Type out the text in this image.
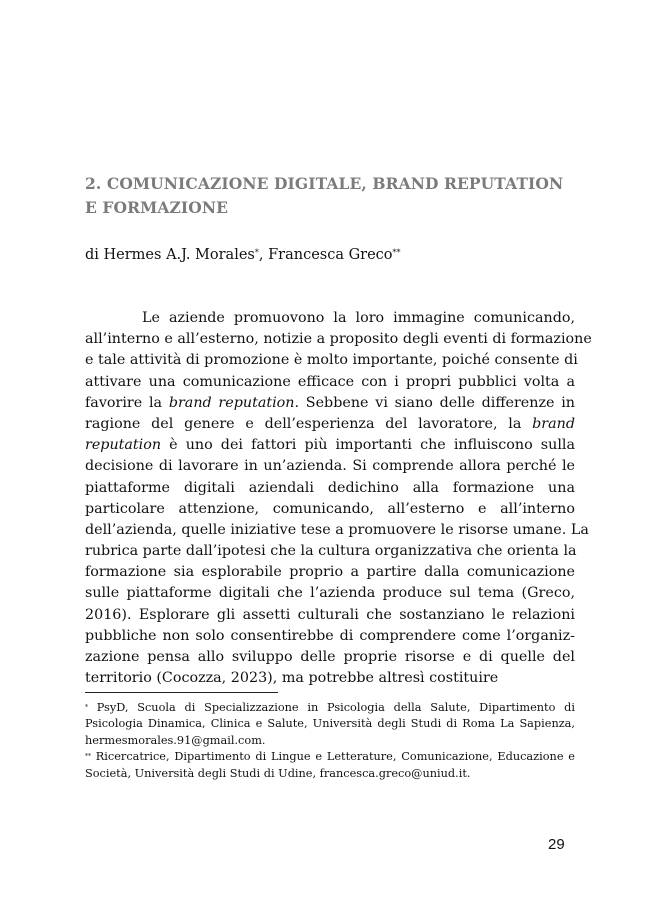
2. COMUNICAZIONE DIGITALE, BRAND REPUTATION
E FORMAZIONE
di Hermes A.J. Morales*, Francesca Greco**
Le aziende promuovono la loro immagine comunicando,
all’interno e all’esterno, notizie a proposito degli eventi di formazione
e tale attività di promozione è molto importante, poiché consente di
attivare una comunicazione efficace con i propri pubblici volta a
favorire la brand reputation. Sebbene vi siano delle differenze in
ragione del genere e dell’esperienza del lavoratore, la brand
reputation è uno dei fattori più importanti che influiscono sulla
decisione di lavorare in un’azienda. Si comprende allora perché le
piattaforme digitali aziendali dedichino alla formazione una
particolare attenzione, comunicando, all’esterno e all’interno
dell’azienda, quelle iniziative tese a promuovere le risorse umane. La
rubrica parte dall’ipotesi che la cultura organizzativa che orienta la
formazione sia esplorabile proprio a partire dalla comunicazione
sulle piattaforme digitali che l’azienda produce sul tema (Greco,
2016). Esplorare gli assetti culturali che sostanziano le relazioni
pubbliche non solo consentirebbe di comprendere come l’organiz-
zazione pensa allo sviluppo delle proprie risorse e di quelle del
territorio (Cocozza, 2023), ma potrebbe altresì costituire
* PsyD, Scuola di Specializzazione in Psicologia della Salute, Dipartimento di
Psicologia Dinamica, Clinica e Salute, Università degli Studi di Roma La Sapienza,
hermesmorales.91@gmail.com.
** Ricercatrice, Dipartimento di Lingue e Letterature, Comunicazione, Educazione e
Società, Università degli Studi di Udine, francesca.greco@uniud.it.
29
